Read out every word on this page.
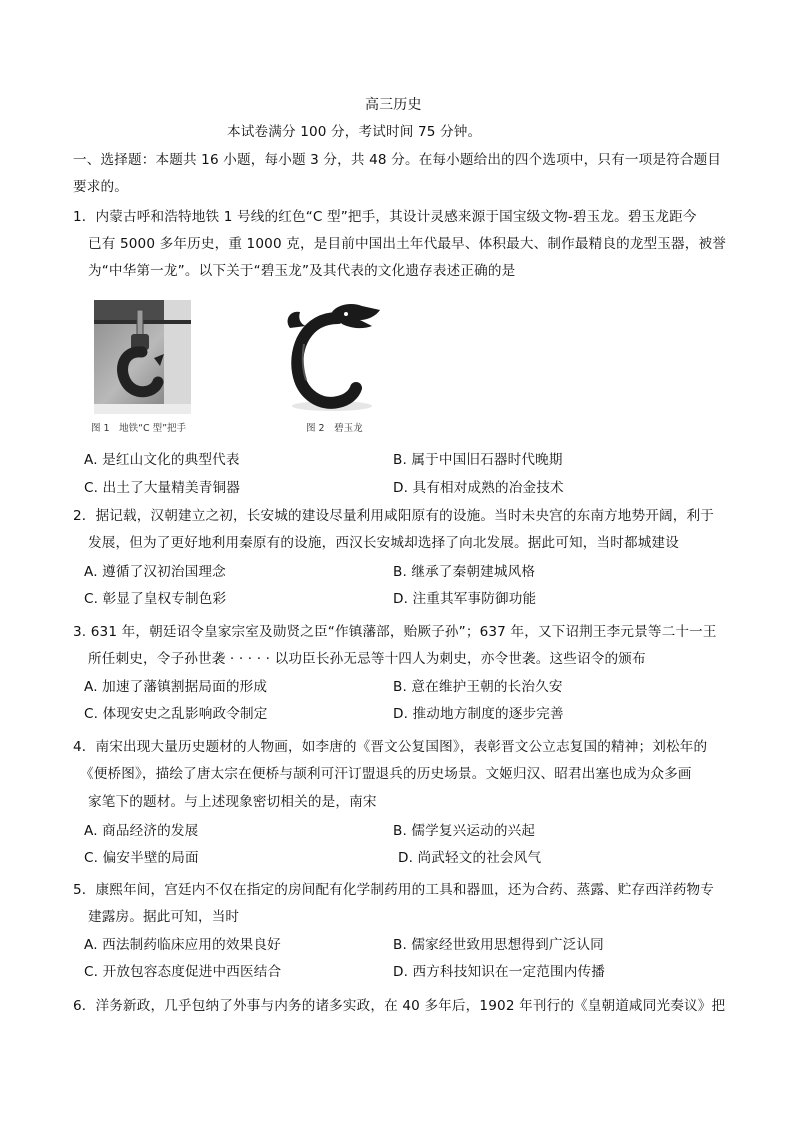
高三历史
本试卷满分 100 分，考试时间 75 分钟。
一、选择题：本题共 16 小题，每小题 3 分，共 48 分。在每小题给出的四个选项中，只有一项是符合题目
要求的。
1．内蒙古呼和浩特地铁 1 号线的红色“C 型”把手，其设计灵感来源于国宝级文物-碧玉龙。碧玉龙距今
已有 5000 多年历史，重 1000 克，是目前中国出土年代最早、体积最大、制作最精良的龙型玉器，被誉
为“中华第一龙”。以下关于“碧玉龙”及其代表的文化遗存表述正确的是
图 1　地铁“C 型”把手	图 2　碧玉龙
A. 是红山文化的典型代表	B. 属于中国旧石器时代晚期
C. 出土了大量精美青铜器	D. 具有相对成熟的冶金技术
2．据记载，汉朝建立之初，长安城的建设尽量利用咸阳原有的设施。当时未央宫的东南方地势开阔，利于
发展，但为了更好地利用秦原有的设施，西汉长安城却选择了向北发展。据此可知，当时都城建设
A. 遵循了汉初治国理念	B. 继承了秦朝建城风格
C. 彰显了皇权专制色彩	D. 注重其军事防御功能
3. 631 年，朝廷诏令皇家宗室及勋贤之臣“作镇藩部，贻厥子孙”；637 年，又下诏荆王李元景等二十一王
所任刺史，令子孙世袭 · · · · · 以功臣长孙无忌等十四人为刺史，亦令世袭。这些诏令的颁布
A. 加速了藩镇割据局面的形成	B. 意在维护王朝的长治久安
C. 体现安史之乱影响政令制定	D. 推动地方制度的逐步完善
4．南宋出现大量历史题材的人物画，如李唐的《晋文公复国图》，表彰晋文公立志复国的精神；刘松年的
《便桥图》，描绘了唐太宗在便桥与颉利可汗订盟退兵的历史场景。文姬归汉、昭君出塞也成为众多画
家笔下的题材。与上述现象密切相关的是，南宋
A. 商品经济的发展	B. 儒学复兴运动的兴起
C. 偏安半壁的局面	D. 尚武轻文的社会风气
5．康熙年间，宫廷内不仅在指定的房间配有化学制药用的工具和器皿，还为合药、蒸露、贮存西洋药物专
建露房。据此可知，当时
A. 西法制药临床应用的效果良好	B. 儒家经世致用思想得到广泛认同
C. 开放包容态度促进中西医结合	D. 西方科技知识在一定范围内传播
6．洋务新政，几乎包纳了外事与内务的诸多实政，在 40 多年后，1902 年刊行的《皇朝道咸同光奏议》把
